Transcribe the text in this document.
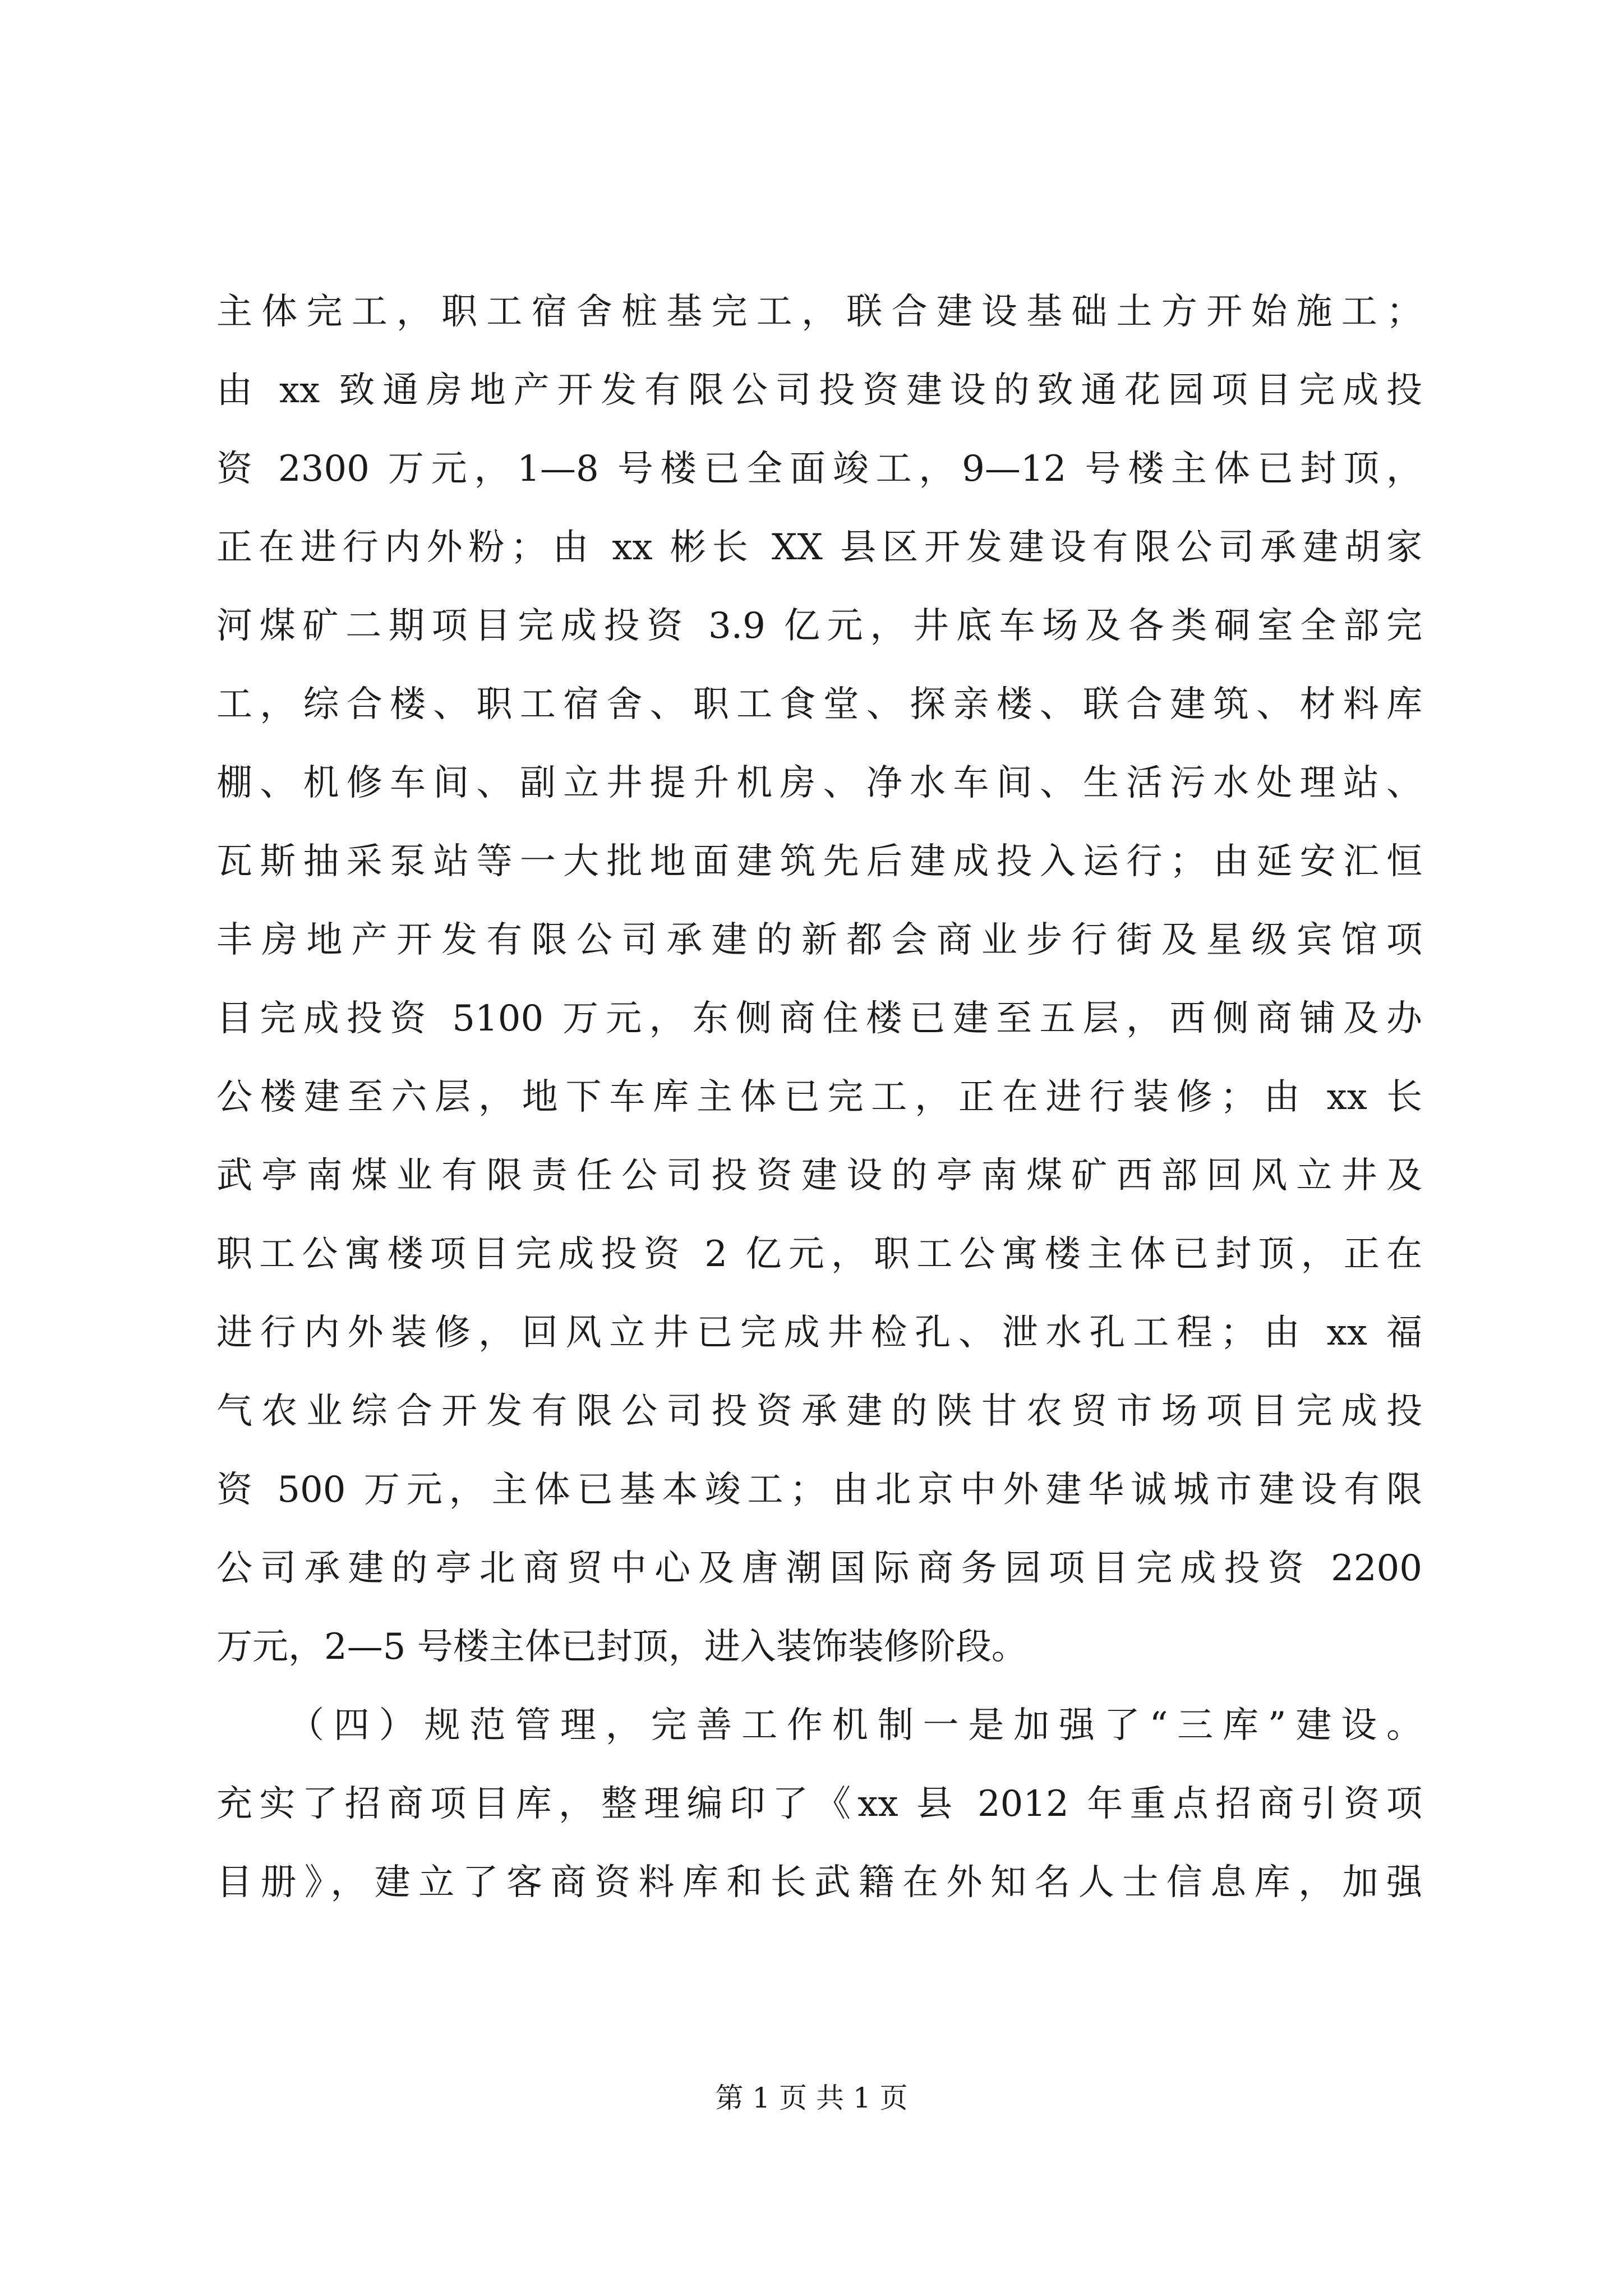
主体完工，职工宿舍桩基完工，联合建设基础土方开始施工；
由 xx 致通房地产开发有限公司投资建设的致通花园项目完成投
资 2300 万元，1—8 号楼已全面竣工，9—12 号楼主体已封顶，
正在进行内外粉；由 xx 彬长 XX 县区开发建设有限公司承建胡家
河煤矿二期项目完成投资 3.9 亿元，井底车场及各类硐室全部完
工，综合楼、职工宿舍、职工食堂、探亲楼、联合建筑、材料库
棚、机修车间、副立井提升机房、净水车间、生活污水处理站、
瓦斯抽采泵站等一大批地面建筑先后建成投入运行；由延安汇恒
丰房地产开发有限公司承建的新都会商业步行街及星级宾馆项
目完成投资 5100 万元，东侧商住楼已建至五层，西侧商铺及办
公楼建至六层，地下车库主体已完工，正在进行装修；由 xx 长
武亭南煤业有限责任公司投资建设的亭南煤矿西部回风立井及
职工公寓楼项目完成投资 2 亿元，职工公寓楼主体已封顶，正在
进行内外装修，回风立井已完成井检孔、泄水孔工程；由 xx 福
气农业综合开发有限公司投资承建的陕甘农贸市场项目完成投
资 500 万元，主体已基本竣工；由北京中外建华诚城市建设有限
公司承建的亭北商贸中心及唐潮国际商务园项目完成投资 2200
万元，2—5 号楼主体已封顶，进入装饰装修阶段。
（四）规范管理，完善工作机制一是加强了“三库”建设。
充实了招商项目库，整理编印了《xx 县 2012 年重点招商引资项
目册》，建立了客商资料库和长武籍在外知名人士信息库，加强
第 1 页 共 1 页
